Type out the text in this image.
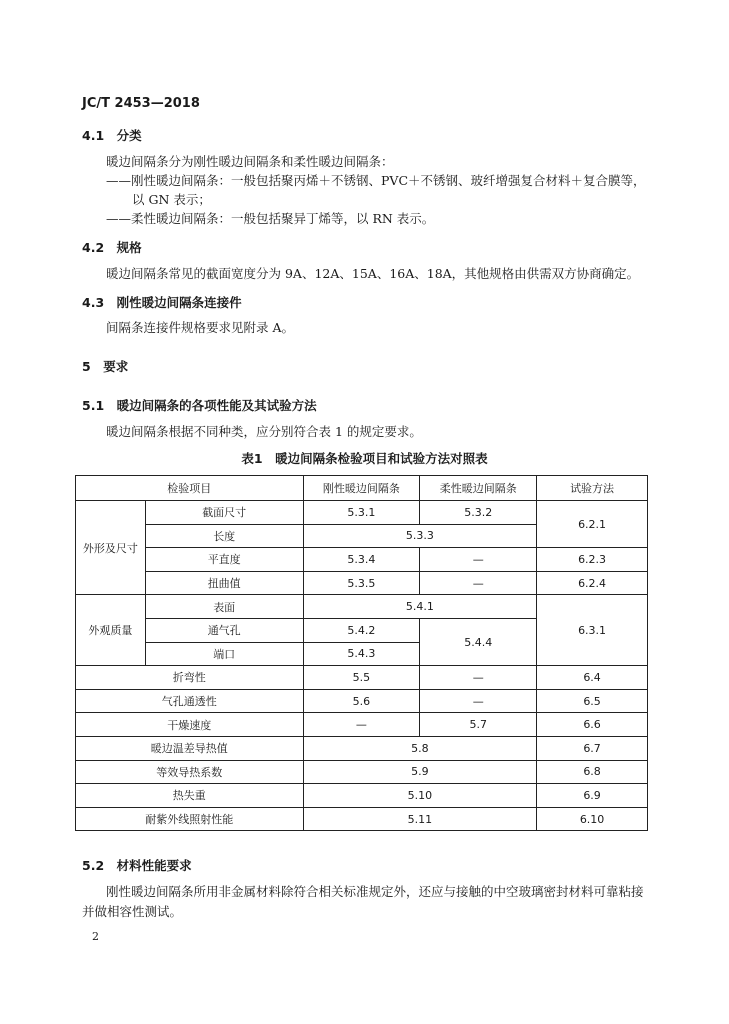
JC/T 2453—2018
4.1　分类
暖边间隔条分为刚性暖边间隔条和柔性暖边间隔条：
——刚性暖边间隔条：一般包括聚丙烯＋不锈钢、PVC＋不锈钢、玻纤增强复合材料＋复合膜等，
以 GN 表示；
——柔性暖边间隔条：一般包括聚异丁烯等，以 RN 表示。
4.2　规格
暖边间隔条常见的截面宽度分为 9A、12A、15A、16A、18A，其他规格由供需双方协商确定。
4.3　刚性暖边间隔条连接件
间隔条连接件规格要求见附录 A。
5　要求
5.1　暖边间隔条的各项性能及其试验方法
暖边间隔条根据不同种类，应分别符合表 1 的规定要求。
表1　暖边间隔条检验项目和试验方法对照表
检验项目		刚性暖边间隔条	柔性暖边间隔条	试验方法
外形及尺寸	截面尺寸	5.3.1	5.3.2	6.2.1
	长度	5.3.3		
	平直度	5.3.4	—	6.2.3
	扭曲值	5.3.5	—	6.2.4
外观质量	表面	5.4.1		6.3.1
	通气孔	5.4.2	5.4.4	
	端口	5.4.3		
折弯性		5.5	—	6.4
气孔通透性		5.6	—	6.5
干燥速度		—	5.7	6.6
暖边温差导热值		5.8		6.7
等效导热系数		5.9		6.8
热失重		5.10		6.9
耐紫外线照射性能		5.11		6.10
5.2　材料性能要求
刚性暖边间隔条所用非金属材料除符合相关标准规定外，还应与接触的中空玻璃密封材料可靠粘接
并做相容性测试。
2
